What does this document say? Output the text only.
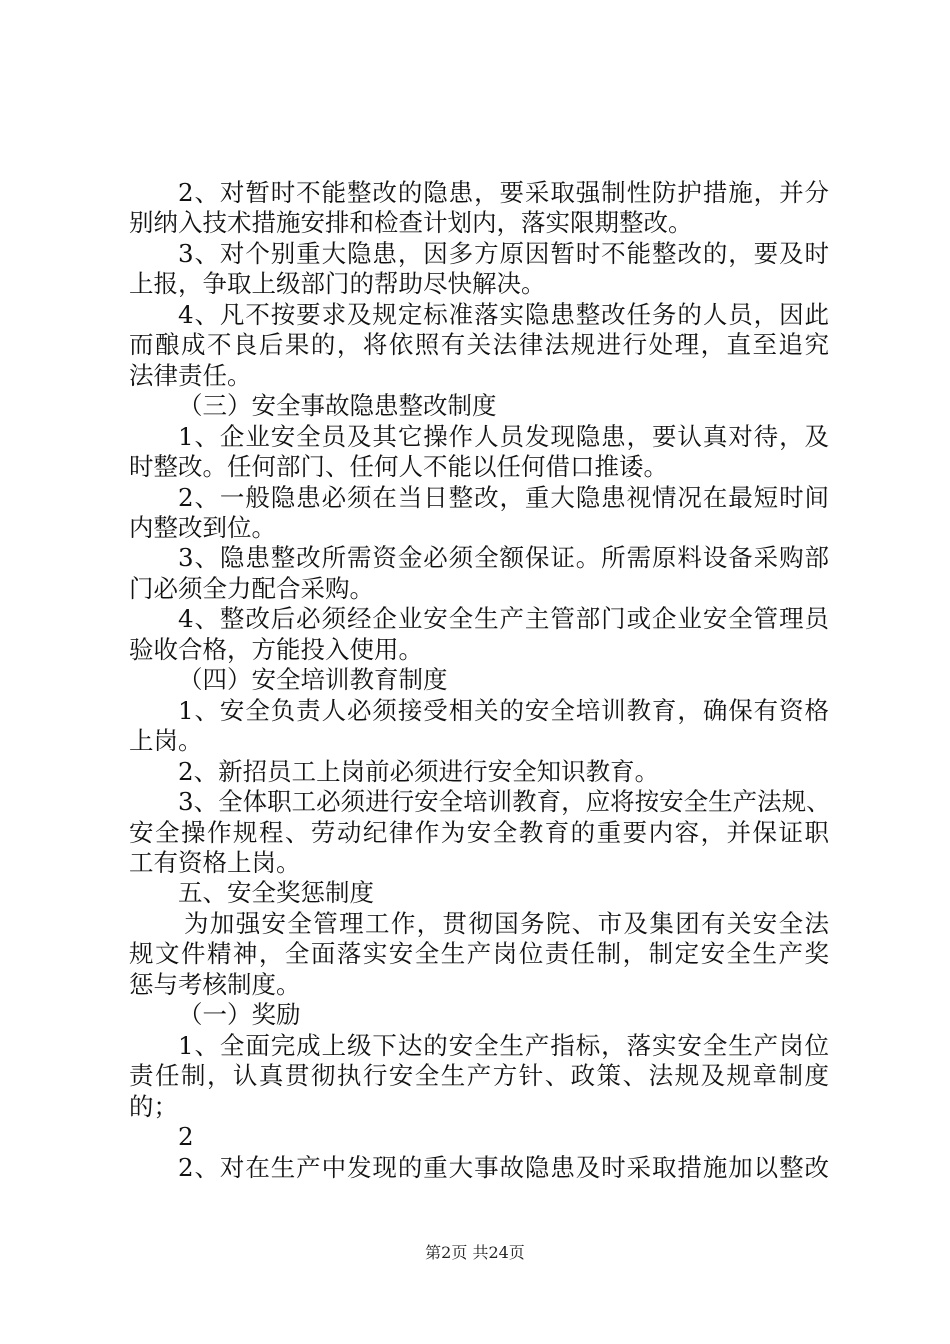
2、对暂时不能整改的隐患，要采取强制性防护措施，并分
别纳入技术措施安排和检查计划内，落实限期整改。
3、对个别重大隐患，因多方原因暂时不能整改的，要及时
上报，争取上级部门的帮助尽快解决。
4、凡不按要求及规定标准落实隐患整改任务的人员，因此
而酿成不良后果的，将依照有关法律法规进行处理，直至追究
法律责任。
（三）安全事故隐患整改制度
1、企业安全员及其它操作人员发现隐患，要认真对待，及
时整改。任何部门、任何人不能以任何借口推诿。
2、一般隐患必须在当日整改，重大隐患视情况在最短时间
内整改到位。
3、隐患整改所需资金必须全额保证。所需原料设备采购部
门必须全力配合采购。
4、整改后必须经企业安全生产主管部门或企业安全管理员
验收合格，方能投入使用。
（四）安全培训教育制度
1、安全负责人必须接受相关的安全培训教育，确保有资格
上岗。
2、新招员工上岗前必须进行安全知识教育。
3、全体职工必须进行安全培训教育，应将按安全生产法规、
安全操作规程、劳动纪律作为安全教育的重要内容，并保证职
工有资格上岗。
五、安全奖惩制度
为加强安全管理工作，贯彻国务院、市及集团有关安全法
规文件精神，全面落实安全生产岗位责任制，制定安全生产奖
惩与考核制度。
（一）奖励
1、全面完成上级下达的安全生产指标，落实安全生产岗位
责任制，认真贯彻执行安全生产方针、政策、法规及规章制度
的；
2
2、对在生产中发现的重大事故隐患及时采取措施加以整改
第2页 共24页
